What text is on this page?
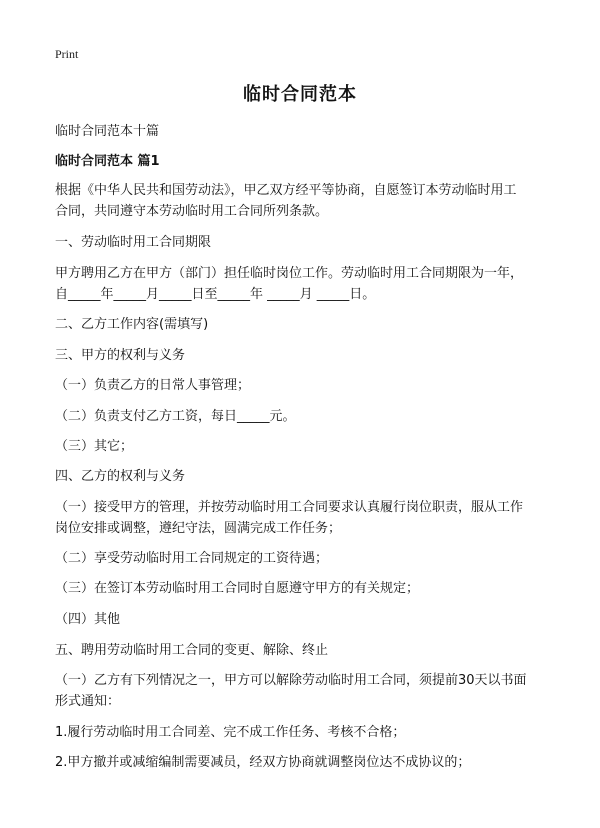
Print
临时合同范本
临时合同范本十篇
临时合同范本 篇1
根据《中华人民共和国劳动法》，甲乙双方经平等协商，自愿签订本劳动临时用工
合同，共同遵守本劳动临时用工合同所列条款。
一、劳动临时用工合同期限
甲方聘用乙方在甲方（部门）担任临时岗位工作。劳动临时用工合同期限为一年，
自_____年_____月_____日至_____年 _____月 _____日。
二、乙方工作内容(需填写)
三、甲方的权利与义务
（一）负责乙方的日常人事管理；
（二）负责支付乙方工资，每日_____元。
（三）其它；
四、乙方的权利与义务
（一）接受甲方的管理，并按劳动临时用工合同要求认真履行岗位职责，服从工作
岗位安排或调整，遵纪守法，圆满完成工作任务；
（二）享受劳动临时用工合同规定的工资待遇；
（三）在签订本劳动临时用工合同时自愿遵守甲方的有关规定；
（四）其他
五、聘用劳动临时用工合同的变更、解除、终止
（一）乙方有下列情况之一，甲方可以解除劳动临时用工合同，须提前30天以书面
形式通知：
1.履行劳动临时用工合同差、完不成工作任务、考核不合格；
2.甲方撤并或减缩编制需要减员，经双方协商就调整岗位达不成协议的；
